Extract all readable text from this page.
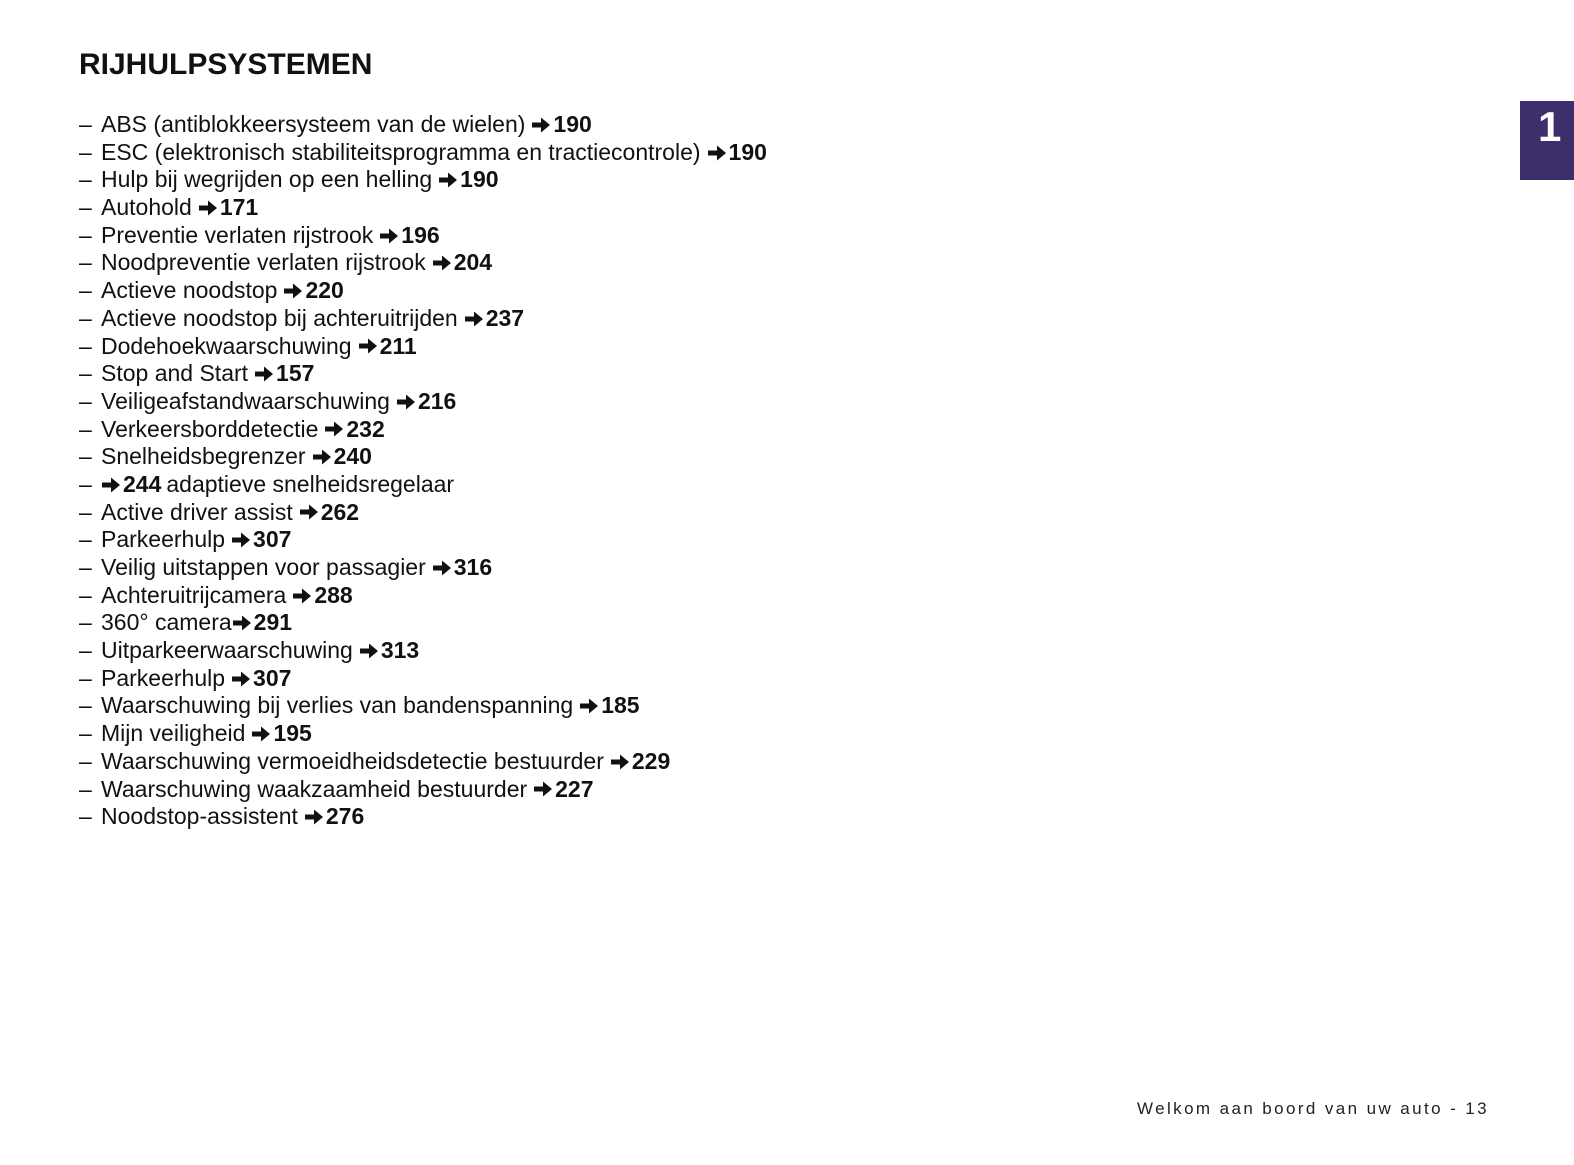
RIJHULPSYSTEMEN
1
– ABS (antiblokkeersysteem van de wielen) 190
– ESC (elektronisch stabiliteitsprogramma en tractiecontrole) 190
– Hulp bij wegrijden op een helling 190
– Autohold 171
– Preventie verlaten rijstrook 196
– Noodpreventie verlaten rijstrook 204
– Actieve noodstop 220
– Actieve noodstop bij achteruitrijden 237
– Dodehoekwaarschuwing 211
– Stop and Start 157
– Veiligeafstandwaarschuwing 216
– Verkeersborddetectie 232
– Snelheidsbegrenzer 240
–	244 adaptieve snelheidsregelaar
– Active driver assist 262
– Parkeerhulp 307
– Veilig uitstappen voor passagier 316
– Achteruitrijcamera 288
– 360° camera 291
– Uitparkeerwaarschuwing 313
– Parkeerhulp 307
– Waarschuwing bij verlies van bandenspanning 185
– Mijn veiligheid 195
– Waarschuwing vermoeidheidsdetectie bestuurder 229
– Waarschuwing waakzaamheid bestuurder 227
– Noodstop-assistent 276
Welkom aan boord van uw auto - 13
